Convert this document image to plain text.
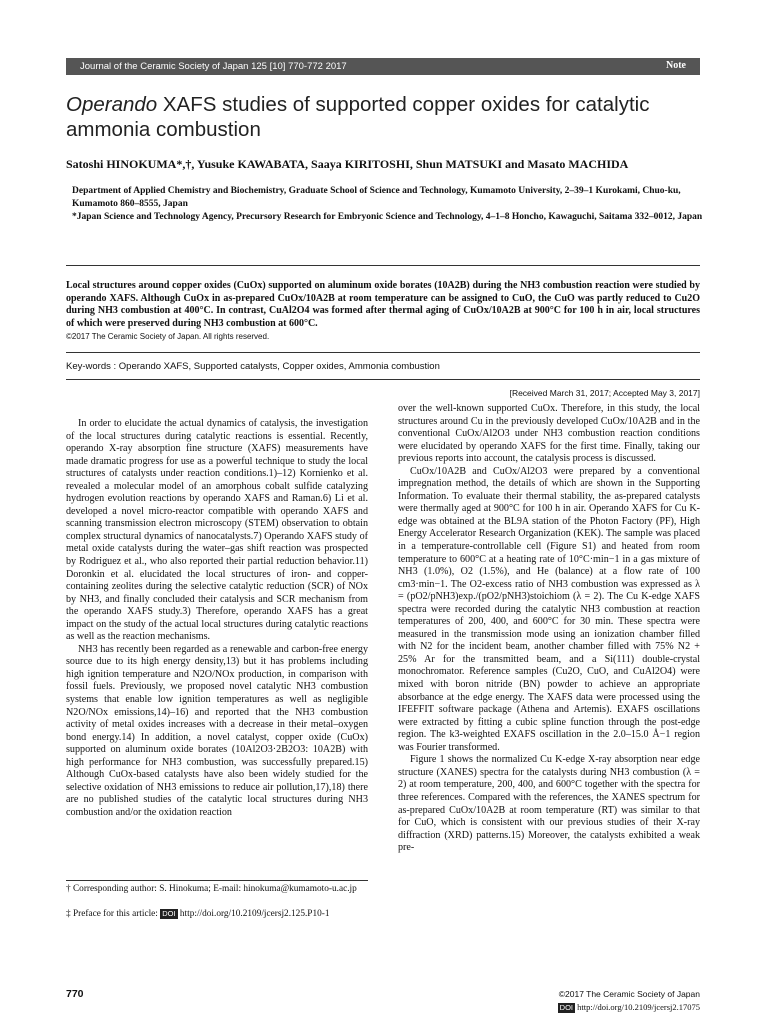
Journal of the Ceramic Society of Japan 125 [10] 770-772 2017	Note
Operando XAFS studies of supported copper oxides for catalytic ammonia combustion
Satoshi HINOKUMA*,†, Yusuke KAWABATA, Saaya KIRITOSHI, Shun MATSUKI and Masato MACHIDA
Department of Applied Chemistry and Biochemistry, Graduate School of Science and Technology, Kumamoto University, 2–39–1 Kurokami, Chuo-ku, Kumamoto 860–8555, Japan
*Japan Science and Technology Agency, Precursory Research for Embryonic Science and Technology, 4–1–8 Honcho, Kawaguchi, Saitama 332–0012, Japan
Local structures around copper oxides (CuOx) supported on aluminum oxide borates (10A2B) during the NH3 combustion reaction were studied by operando XAFS. Although CuOx in as-prepared CuOx/10A2B at room temperature can be assigned to CuO, the CuO was partly reduced to Cu2O during NH3 combustion at 400°C. In contrast, CuAl2O4 was formed after thermal aging of CuOx/10A2B at 900°C for 100 h in air, local structures of which were preserved during NH3 combustion at 600°C.
©2017 The Ceramic Society of Japan. All rights reserved.
Key-words : Operando XAFS, Supported catalysts, Copper oxides, Ammonia combustion
[Received March 31, 2017; Accepted May 3, 2017]

In order to elucidate the actual dynamics of catalysis, the investigation of the local structures during catalytic reactions is essential. Recently, operando X-ray absorption fine structure (XAFS) measurements have made dramatic progress for use as a powerful technique to study the local structures of catalysts under reaction conditions.1)–12) Kornienko et al. revealed a molecular model of an amorphous cobalt sulfide catalyzing hydrogen evolution reactions by operando XAFS and Raman.6) Li et al. developed a novel micro-reactor compatible with operando XAFS and scanning transmission electron microscopy (STEM) observation to obtain complex structural dynamics of nanocatalysts.7) Operando XAFS study of metal oxide catalysts during the water–gas shift reaction was prospected by Rodriguez et al., who also reported their partial reduction behavior.11) Doronkin et al. elucidated the local structures of iron- and copper-containing zeolites during the selective catalytic reduction (SCR) of NOx by NH3, and finally concluded their catalysis and SCR mechanism from the operando XAFS study.3) Therefore, operando XAFS has a great impact on the study of the actual local structures during catalytic reactions as well as the reaction mechanisms.

NH3 has recently been regarded as a renewable and carbon-free energy source due to its high energy density,13) but it has problems including high ignition temperature and N2O/NOx production, in comparison with fossil fuels. Previously, we proposed novel catalytic NH3 combustion systems that enable low ignition temperatures as well as negligible N2O/NOx emissions,14)–16) and reported that the NH3 combustion activity of metal oxides increases with a decrease in their metal–oxygen bond energy.14) In addition, a novel catalyst, copper oxide (CuOx) supported on aluminum oxide borates (10Al2O3·2B2O3: 10A2B) with high performance for NH3 combustion, was successfully prepared.15) Although CuOx-based catalysts have also been widely studied for the selective oxidation of NH3 emissions to reduce air pollution,17),18) there are no published studies of the catalytic local structures during NH3 combustion and/or the oxidation reaction

over the well-known supported CuOx. Therefore, in this study, the local structures around Cu in the previously developed CuOx/10A2B and in the conventional CuOx/Al2O3 under NH3 combustion reaction conditions were elucidated by operando XAFS for the first time. Finally, taking our previous reports into account, the catalysis process is discussed.

CuOx/10A2B and CuOx/Al2O3 were prepared by a conventional impregnation method, the details of which are shown in the Supporting Information. To evaluate their thermal stability, the as-prepared catalysts were thermally aged at 900°C for 100 h in air. Operando XAFS for Cu K-edge was obtained at the BL9A station of the Photon Factory (PF), High Energy Accelerator Research Organization (KEK). The sample was placed in a temperature-controllable cell (Figure S1) and heated from room temperature to 600°C at a heating rate of 10°C·min−1 in a gas mixture of NH3 (1.0%), O2 (1.5%), and He (balance) at a flow rate of 100 cm3·min−1. The O2-excess ratio of NH3 combustion was expressed as λ = (pO2/pNH3)exp./(pO2/pNH3)stoichiom (λ = 2). The Cu K-edge XAFS spectra were recorded during the catalytic NH3 combustion at reaction temperatures of 200, 400, and 600°C for 30 min. These spectra were measured in the transmission mode using an ionization chamber filled with N2 for the incident beam, another chamber filled with 75% N2 + 25% Ar for the transmitted beam, and a Si(111) double-crystal monochromator. Reference samples (Cu2O, CuO, and CuAl2O4) were mixed with boron nitride (BN) powder to achieve an appropriate absorbance at the edge energy. The XAFS data were processed using the IFEFFIT software package (Athena and Artemis). EXAFS oscillations were extracted by fitting a cubic spline function through the post-edge region. The k3-weighted EXAFS oscillation in the 2.0–15.0 Å−1 region was Fourier transformed.

Figure 1 shows the normalized Cu K-edge X-ray absorption near edge structure (XANES) spectra for the catalysts during NH3 combustion (λ = 2) at room temperature, 200, 400, and 600°C together with the spectra for three references. Compared with the references, the XANES spectrum for as-prepared CuOx/10A2B at room temperature (RT) was similar to that for CuO, which is consistent with our previous studies of their X-ray diffraction (XRD) patterns.15) Moreover, the catalysts exhibited a weak pre-

† Corresponding author: S. Hinokuma; E-mail: hinokuma@kumamoto-u.ac.jp
‡ Preface for this article: DOI http://doi.org/10.2109/jcersj2.125.P10-1
770	©2017 The Ceramic Society of Japan
DOI http://doi.org/10.2109/jcersj2.17075
